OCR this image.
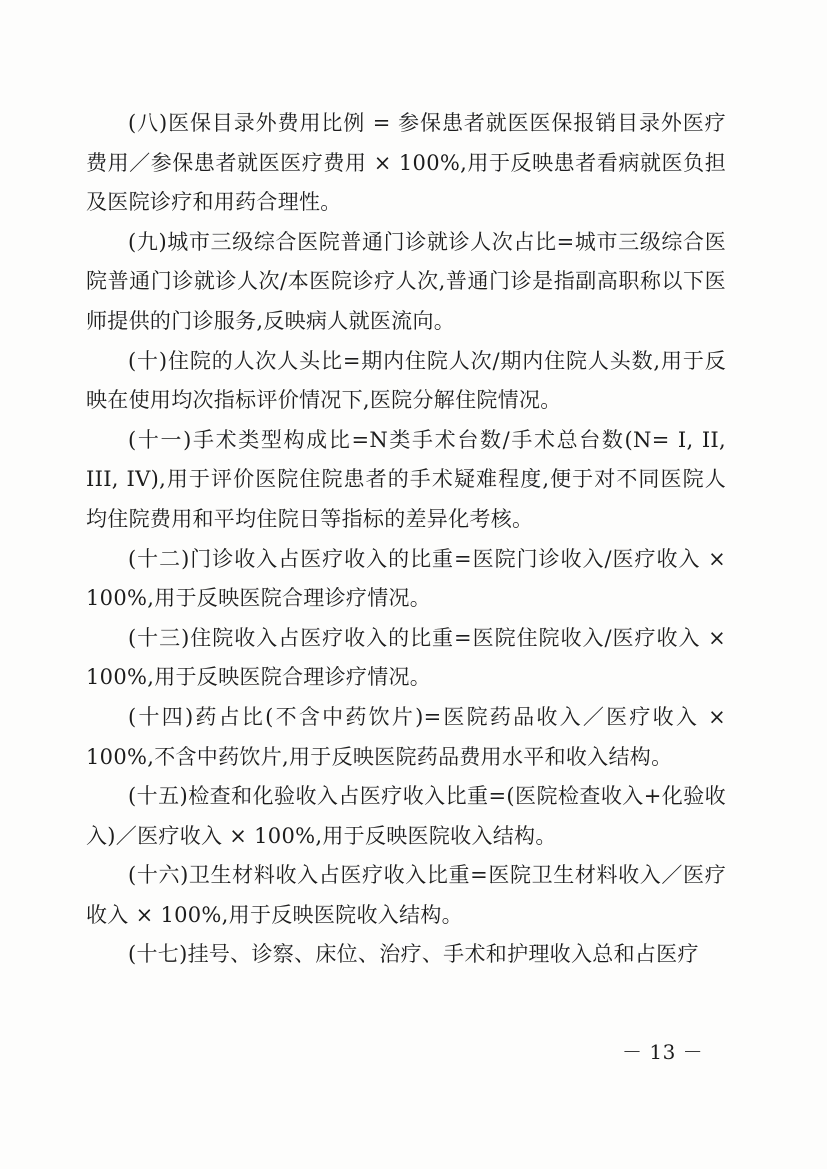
(八)医保目录外费用比例 = 参保患者就医医保报销目录外医疗费用／参保患者就医医疗费用 × 100%,用于反映患者看病就医负担及医院诊疗和用药合理性。

(九)城市三级综合医院普通门诊就诊人次占比=城市三级综合医院普通门诊就诊人次/本医院诊疗人次,普通门诊是指副高职称以下医师提供的门诊服务,反映病人就医流向。

(十)住院的人次人头比=期内住院人次/期内住院人头数,用于反映在使用均次指标评价情况下,医院分解住院情况。

(十一)手术类型构成比=N类手术台数/手术总台数(N= I, II, III, IV),用于评价医院住院患者的手术疑难程度,便于对不同医院人均住院费用和平均住院日等指标的差异化考核。

(十二)门诊收入占医疗收入的比重=医院门诊收入/医疗收入 × 100%,用于反映医院合理诊疗情况。

(十三)住院收入占医疗收入的比重=医院住院收入/医疗收入 × 100%,用于反映医院合理诊疗情况。

(十四)药占比(不含中药饮片)=医院药品收入／医疗收入 × 100%,不含中药饮片,用于反映医院药品费用水平和收入结构。

(十五)检查和化验收入占医疗收入比重=(医院检查收入+化验收入)／医疗收入 × 100%,用于反映医院收入结构。

(十六)卫生材料收入占医疗收入比重=医院卫生材料收入／医疗收入 × 100%,用于反映医院收入结构。

(十七)挂号、诊察、床位、治疗、手术和护理收入总和占医疗

－ 13 －
